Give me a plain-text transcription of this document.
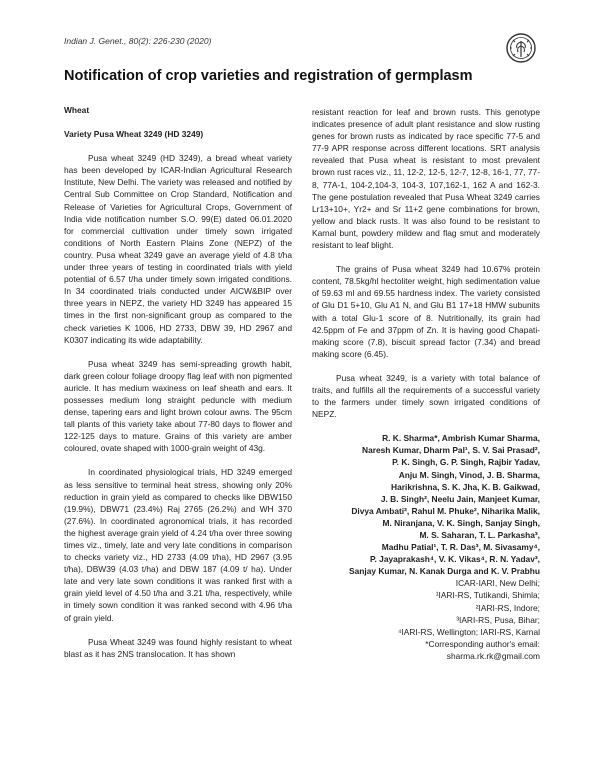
Indian J. Genet., 80(2): 226-230 (2020)
Notification of crop varieties and registration of germplasm
Wheat
Variety Pusa Wheat 3249 (HD 3249)

Pusa wheat 3249 (HD 3249), a bread wheat variety has been developed by ICAR-Indian Agricultural Research Institute, New Delhi. The variety was released and notified by Central Sub Committee on Crop Standard, Notification and Release of Varieties for Agricultural Crops, Government of India vide notification number S.O. 99(E) dated 06.01.2020 for commercial cultivation under timely sown irrigated conditions of North Eastern Plains Zone (NEPZ) of the country. Pusa wheat 3249 gave an average yield of 4.8 t/ha under three years of testing in coordinated trials with yield potential of 6.57 t/ha under timely sown irrigated conditions. In 34 coordinated trials conducted under AICW&BIP over three years in NEPZ, the variety HD 3249 has appeared 15 times in the first non-significant group as compared to the check varieties K 1006, HD 2733, DBW 39, HD 2967 and K0307 indicating its wide adaptability.

Pusa wheat 3249 has semi-spreading growth habit, dark green colour foliage droopy flag leaf with non pigmented auricle. It has medium waxiness on leaf sheath and ears. It possesses medium long straight peduncle with medium dense, tapering ears and light brown colour awns. The 95cm tall plants of this variety take about 77-80 days to flower and 122-125 days to mature. Grains of this variety are amber coloured, ovate shaped with 1000-grain weight of 43g.

In coordinated physiological trials, HD 3249 emerged as less sensitive to terminal heat stress, showing only 20% reduction in grain yield as compared to checks like DBW150 (19.9%), DBW71 (23.4%) Raj 2765 (26.2%) and WH 370 (27.6%). In coordinated agronomical trials, it has recorded the highest average grain yield of 4.24 t/ha over three sowing times viz., timely, late and very late conditions in comparison to checks variety viz., HD 2733 (4.09 t/ha), HD 2967 (3.95 t/ha), DBW39 (4.03 t/ha) and DBW 187 (4.09 t/ ha). Under late and very late sown conditions it was ranked first with a grain yield level of 4.50 t/ha and 3.21 t/ha, respectively, while in timely sown condition it was ranked second with 4.96 t/ha of grain yield.

Pusa Wheat 3249 was found highly resistant to wheat blast as it has 2NS translocation. It has shown

resistant reaction for leaf and brown rusts. This genotype indicates presence of adult plant resistance and slow rusting genes for brown rusts as indicated by race specific 77-5 and 77-9 APR response across different locations. SRT analysis revealed that Pusa wheat is resistant to most prevalent brown rust races viz., 11, 12-2, 12-5, 12-7, 12-8, 16-1, 77, 77-8, 77A-1, 104-2,104-3, 104-3, 107,162-1, 162 A and 162-3. The gene postulation revealed that Pusa Wheat 3249 carries Lr13+10+, Yr2+ and Sr 11+2 gene combinations for brown, yellow and black rusts. It was also found to be resistant to Karnal bunt, powdery mildew and flag smut and moderately resistant to leaf blight.

The grains of Pusa wheat 3249 had 10.67% protein content, 78.5kg/hl hectoliter weight, high sedimentation value of 59.63 ml and 69.55 hardness index. The variety consisted of Glu D1 5+10, Glu A1 N, and Glu B1 17+18 HMW subunits with a total Glu-1 score of 8. Nutritionally, its grain had 42.5ppm of Fe and 37ppm of Zn. It is having good Chapati-making score (7.8), biscuit spread factor (7.34) and bread making score (6.45).

Pusa wheat 3249, is a variety with total balance of traits, and fulfills all the requirements of a successful variety to the farmers under timely sown irrigated conditions of NEPZ.

R. K. Sharma*, Ambrish Kumar Sharma,
Naresh Kumar, Dharm Pal¹, S. V. Sai Prasad²,
P. K. Singh, G. P. Singh, Rajbir Yadav,
Anju M. Singh, Vinod, J. B. Sharma,
Harikrishna, S. K. Jha, K. B. Gaikwad,
J. B. Singh², Neelu Jain, Manjeet Kumar,
Divya Ambati², Rahul M. Phuke², Niharika Malik,
M. Niranjana, V. K. Singh, Sanjay Singh,
M. S. Saharan, T. L. Parkasha³,
Madhu Patial¹, T. R. Das³, M. Sivasamy⁴,
P. Jayaprakash⁴, V. K. Vikas⁴, R. N. Yadav³,
Sanjay Kumar, N. Kanak Durga and K. V. Prabhu
ICAR-IARI, New Delhi;
¹IARI-RS, Tutikandi, Shimla;
²IARI-RS, Indore;
³IARI-RS, Pusa, Bihar;
⁴IARI-RS, Wellington; IARI-RS, Karnal
*Corresponding author's email:
sharma.rk.rk@gmail.com
